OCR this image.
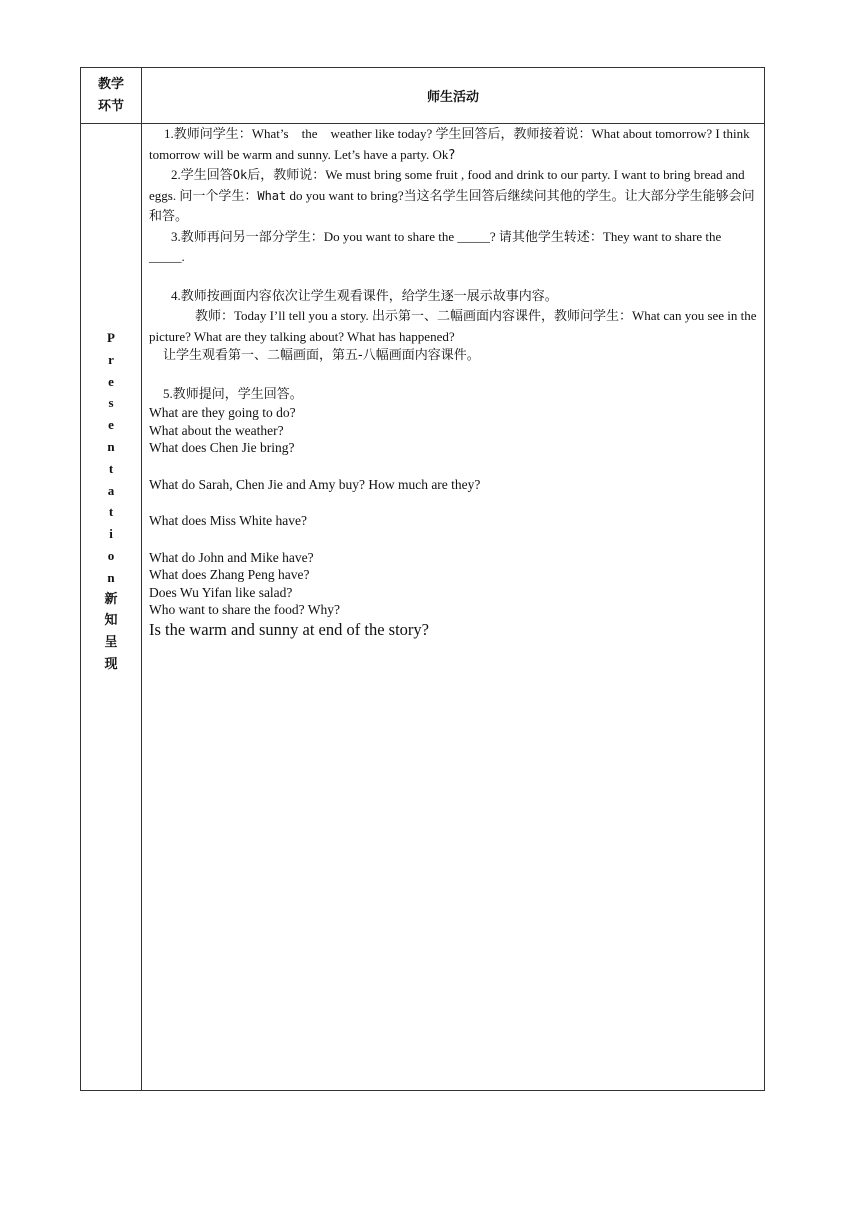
教学
环节
师生活动
P
r
e
s
e
n
t
a
t
i
o
n
新
知
呈
现

1.教师问学生：What’s    the    weather like today? 学生回答后，教师接着说：What about tomorrow? I think tomorrow will be warm and sunny. Let’s have a party. Ok?

2.学生回答Ok后，教师说：We must bring some fruit , food and drink to our party. I want to bring bread and eggs. 问一个学生：What do you want to bring?当这名学生回答后继续问其他的学生。让大部分学生能够会问和答。

3.教师再问另一部分学生：Do you want to share the _____? 请其他学生转述：They want to share the _____.

4.教师按画面内容依次让学生观看课件，给学生逐一展示故事内容。

教师：Today I’ll tell you a story. 出示第一、二幅画面内容课件，教师问学生：What can you see in the picture? What are they talking about? What has happened?

让学生观看第一、二幅画面，第五-八幅画面内容课件。

5.教师提问，学生回答。

What are they going to do?

What about the weather?

What does Chen Jie bring?

What do Sarah, Chen Jie and Amy buy? How much are they?

What does Miss White have?

What do John and Mike have?

What does Zhang Peng have?

Does Wu Yifan like salad?

Who want to share the food? Why?

Is the warm and sunny at end of the story?
